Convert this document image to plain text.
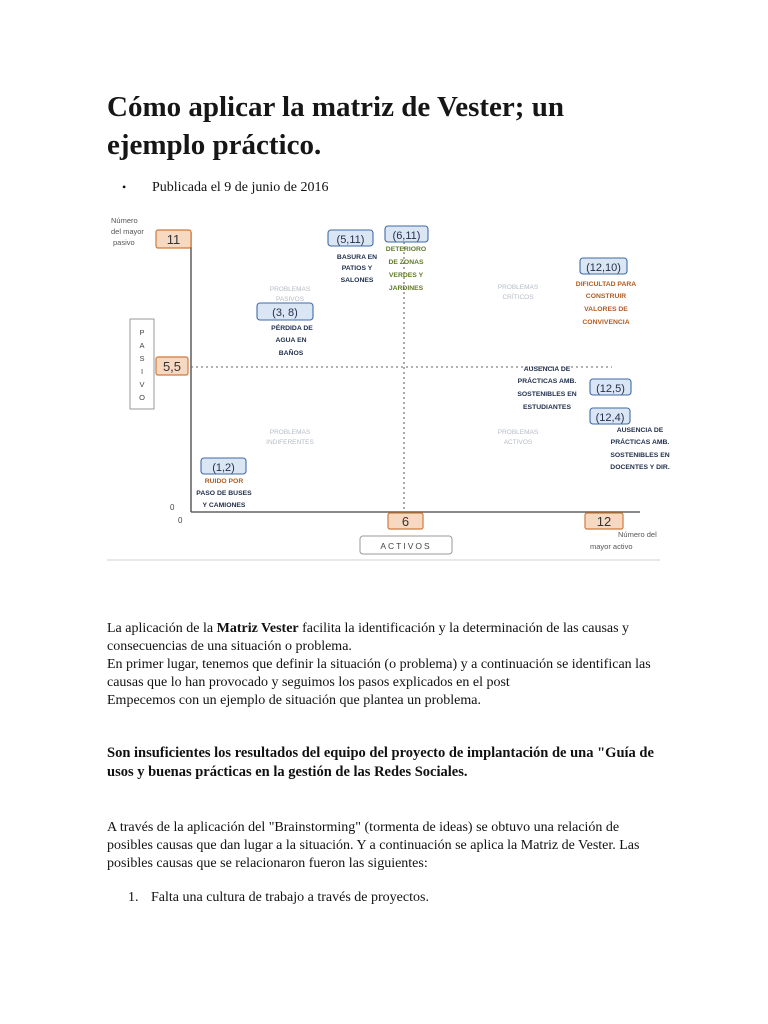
Cómo aplicar la matriz de Vester; un ejemplo práctico.
• Publicada el 9 de junio de 2016
Número
del mayor
pasivo
P
A
S
I
V
O
11
5,5
0
0	6	12
ACTIVOS
Número del
mayor activo
PROBLEMAS
PASIVOS
PROBLEMAS
CRÍTICOS
PROBLEMAS
INDIFERENTES
PROBLEMAS
ACTIVOS
(5,11)
BASURA EN
PATIOS Y
SALONES
(6,11)
DETERIORO
DE ZONAS
VERDES Y
JARDINES
(12,10)
DIFICULTAD PARA
CONSTRUIR
VALORES DE
CONVIVENCIA
(3, 8)
PÉRDIDA DE
AGUA EN
BAÑOS
AUSENCIA DE
PRÁCTICAS AMB.
SOSTENIBLES EN
ESTUDIANTES
(12,5)
(12,4)
AUSENCIA DE
PRÁCTICAS AMB.
SOSTENIBLES EN
DOCENTES Y DIR.
(1,2)
RUIDO POR
PASO DE BUSES
Y CAMIONES

La aplicación de la Matriz Vester facilita la identificación y la determinación de las causas y consecuencias de una situación o problema.

En primer lugar, tenemos que definir la situación (o problema) y a continuación se identifican las causas que lo han provocado y seguimos los pasos explicados en el post

Empecemos con un ejemplo de situación que plantea un problema.

Son insuficientes los resultados del equipo del proyecto de implantación de una "Guía de usos y buenas prácticas en la gestión de las Redes Sociales.

A través de la aplicación del "Brainstorming" (tormenta de ideas) se obtuvo una relación de posibles causas que dan lugar a la situación. Y a continuación se aplica la Matriz de Vester. Las posibles causas que se relacionaron fueron las siguientes:

1. Falta una cultura de trabajo a través de proyectos.
